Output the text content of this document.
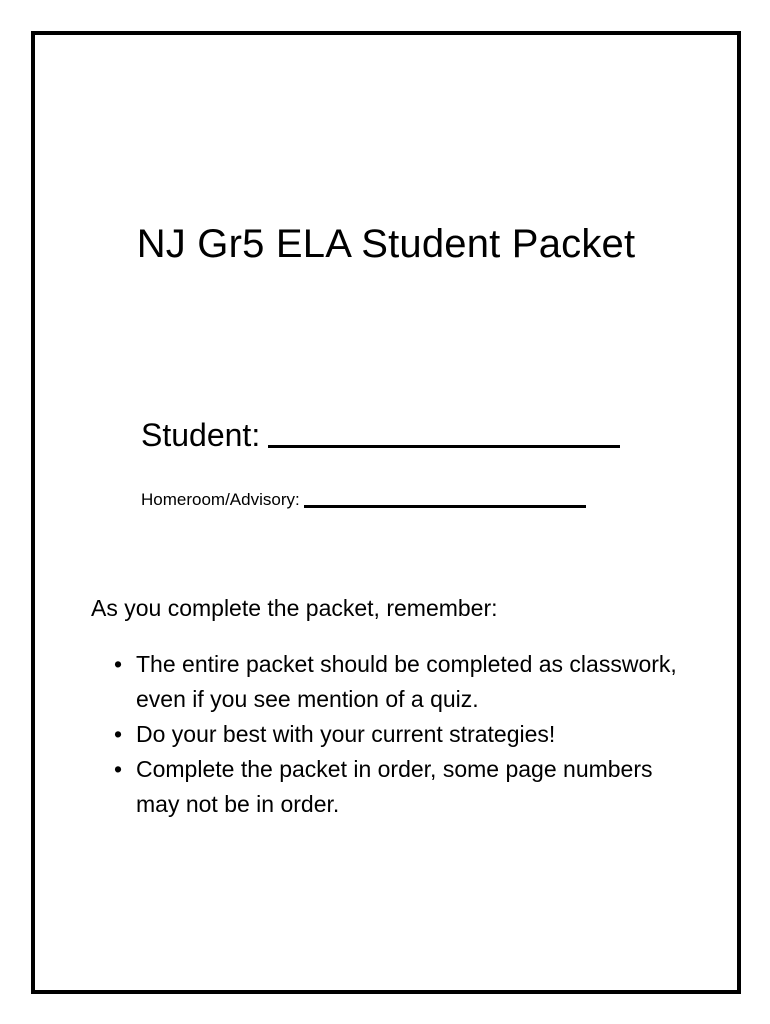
NJ Gr5 ELA Student Packet
Student:
Homeroom/Advisory:

As you complete the packet, remember:

• The entire packet should be completed as classwork, even if you see mention of a quiz.
• Do your best with your current strategies!
• Complete the packet in order, some page numbers may not be in order.
